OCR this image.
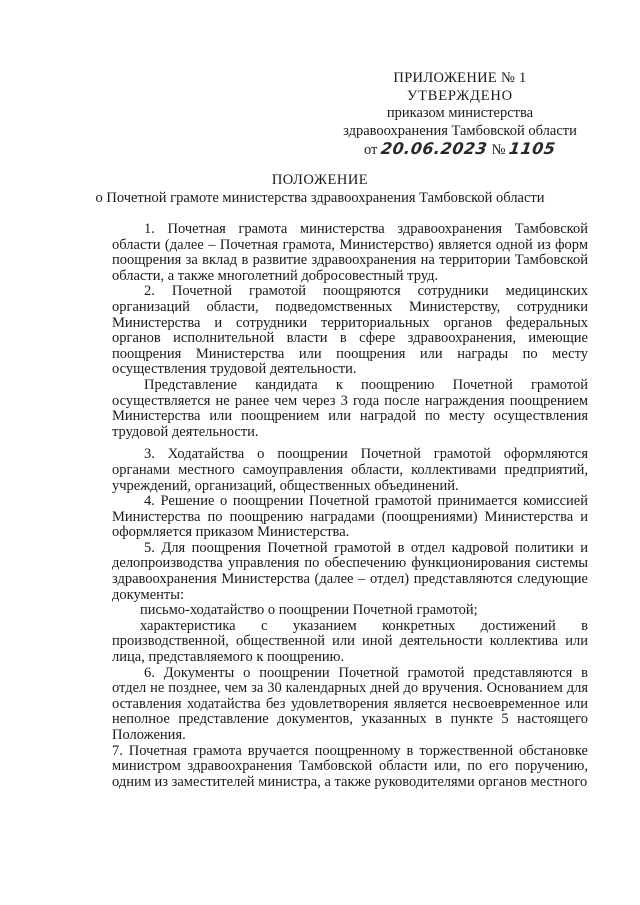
ПРИЛОЖЕНИЕ № 1
УТВЕРЖДЕНО
приказом министерства
здравоохранения Тамбовской области
от 20.06.2023 № 1105
ПОЛОЖЕНИЕ
о Почетной грамоте министерства здравоохранения Тамбовской области

1. Почетная грамота министерства здравоохранения Тамбовской области (далее – Почетная грамота, Министерство) является одной из форм поощрения за вклад в развитие здравоохранения на территории Тамбовской области, а также многолетний добросовестный труд.

2. Почетной грамотой поощряются сотрудники медицинских организаций области, подведомственных Министерству, сотрудники Министерства и сотрудники территориальных органов федеральных органов исполнительной власти в сфере здравоохранения, имеющие поощрения Министерства или поощрения или награды по месту осуществления трудовой деятельности.

Представление кандидата к поощрению Почетной грамотой осуществляется не ранее чем через 3 года после награждения поощрением Министерства или поощрением или наградой по месту осуществления трудовой деятельности.

3. Ходатайства о поощрении Почетной грамотой оформляются органами местного самоуправления области, коллективами предприятий, учреждений, организаций, общественных объединений.

4. Решение о поощрении Почетной грамотой принимается комиссией Министерства по поощрению наградами (поощрениями) Министерства и оформляется приказом Министерства.

5. Для поощрения Почетной грамотой в отдел кадровой политики и делопроизводства управления по обеспечению функционирования системы здравоохранения Министерства (далее – отдел) представляются следующие документы:

письмо-ходатайство о поощрении Почетной грамотой;

характеристика с указанием конкретных достижений в производственной, общественной или иной деятельности коллектива или лица, представляемого к поощрению.

6. Документы о поощрении Почетной грамотой представляются в отдел не позднее, чем за 30 календарных дней до вручения. Основанием для оставления ходатайства без удовлетворения является несвоевременное или неполное представление документов, указанных в пункте 5 настоящего Положения.

7. Почетная грамота вручается поощренному в торжественной обстановке министром здравоохранения Тамбовской области или, по его поручению, одним из заместителей министра, а также руководителями органов местного
